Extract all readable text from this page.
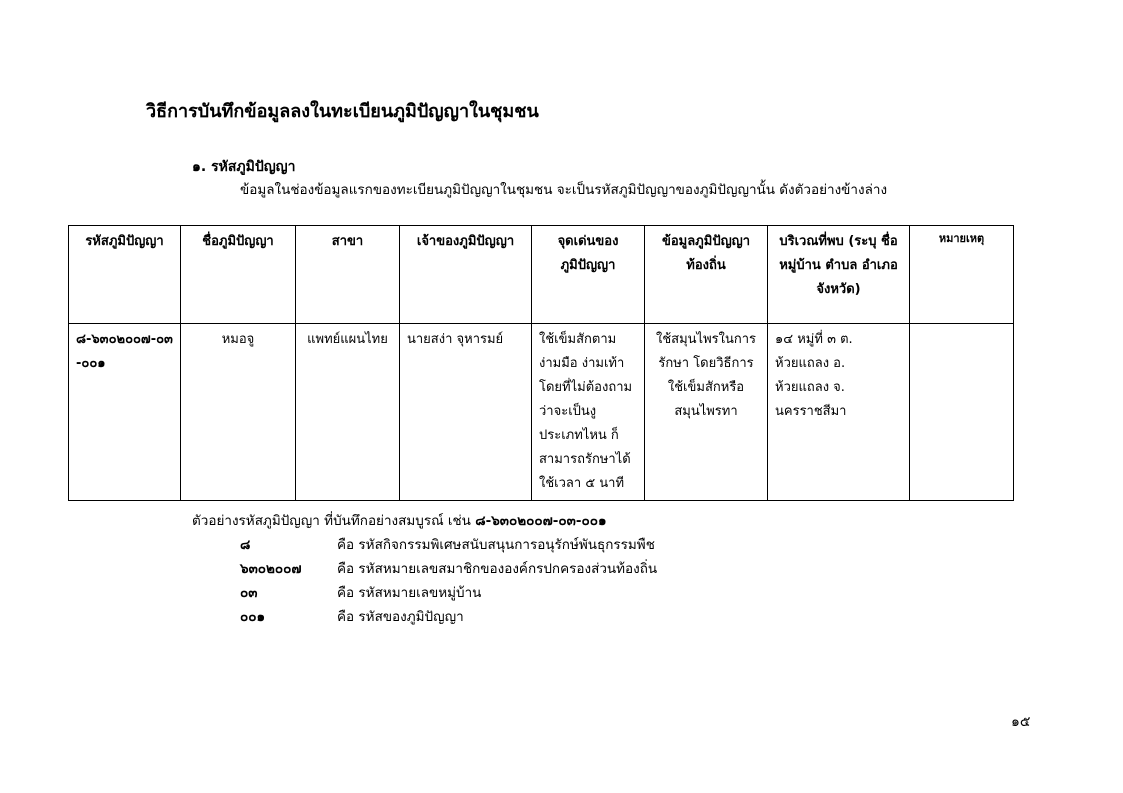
วิธีการบันทึกข้อมูลลงในทะเบียนภูมิปัญญาในชุมชน
๑. รหัสภูมิปัญญา
ข้อมูลในช่องข้อมูลแรกของทะเบียนภูมิปัญญาในชุมชน จะเป็นรหัสภูมิปัญญาของภูมิปัญญานั้น ดังตัวอย่างข้างล่าง
รหัสภูมิปัญญา	ชื่อภูมิปัญญา	สาขา	เจ้าของภูมิปัญญา	จุดเด่นของภูมิปัญญา	ข้อมูลภูมิปัญญาท้องถิ่น	บริเวณที่พบ (ระบุ ชื่อหมู่บ้าน ตำบล อำเภอ จังหวัด)	หมายเหตุ
๘-๖๓๐๒๐๐๗-๐๓-๐๐๑	หมอจู	แพทย์แผนไทย	นายสง่า จุหารมย์	ใช้เข็มสักตามง่ามมือ ง่ามเท้า โดยที่ไม่ต้องถามว่าจะเป็นงูประเภทไหน ก็สามารถรักษาได้ ใช้เวลา ๕ นาที	ใช้สมุนไพรในการรักษา โดยวิธีการใช้เข็มสักหรือสมุนไพรทา	๑๔ หมู่ที่ ๓ ต. ห้วยแถลง อ. ห้วยแถลง จ. นครราชสีมา	
ตัวอย่างรหัสภูมิปัญญา ที่บันทึกอย่างสมบูรณ์ เช่น ๘-๖๓๐๒๐๐๗-๐๓-๐๐๑
๘	คือ รหัสกิจกรรมพิเศษสนับสนุนการอนุรักษ์พันธุกรรมพืช
๖๓๐๒๐๐๗	คือ รหัสหมายเลขสมาชิกขององค์กรปกครองส่วนท้องถิ่น
๐๓	คือ รหัสหมายเลขหมู่บ้าน
๐๐๑	คือ รหัสของภูมิปัญญา
๑๕
